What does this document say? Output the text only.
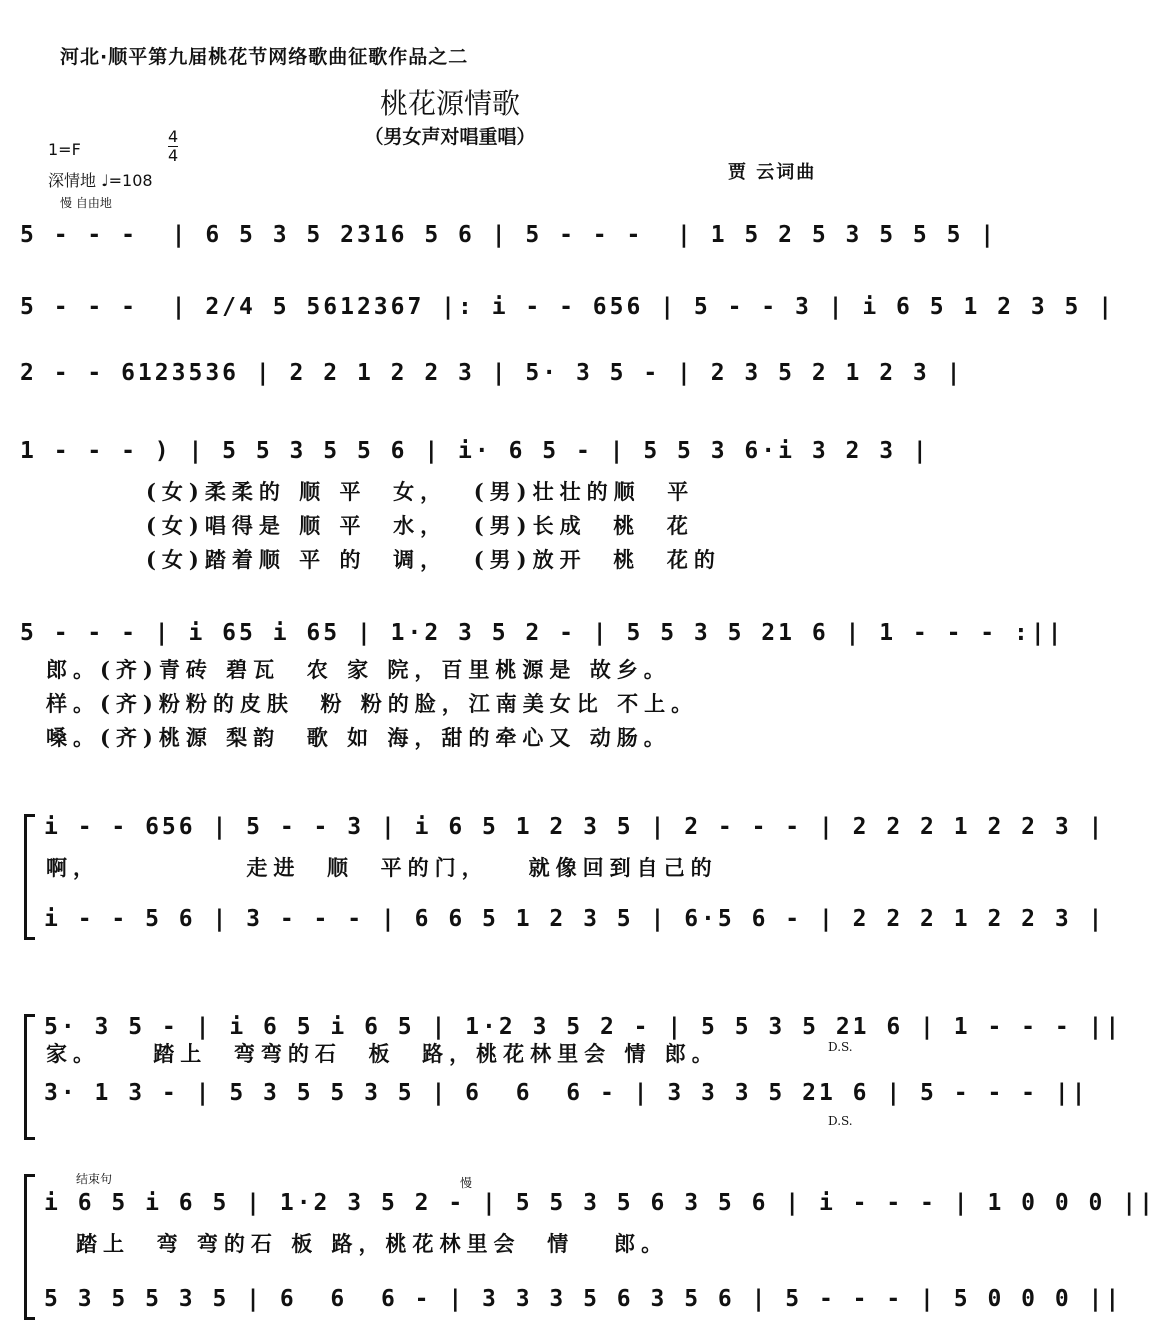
河北·顺平第九届桃花节网络歌曲征歌作品之二
桃花源情歌
（男女声对唱重唱）
1=F
4
4
深情地 ♩=108	贾 云词曲
慢 自由地
5 - - -  | 6 5 3 5 2316 5 6 | 5 - - -  | 1 5 2 5 3 5 5 5 |
5 - - -  | 2/4 5 5612367 |: i - - 656 | 5 - - 3 | i 6 5 1 2 3 5 |
2 - - 6123536 | 2 2 1 2 2 3 | 5· 3 5 - | 2 3 5 2 1 2 3 |
1 - - - ) | 5 5 3 5 5 6 | i· 6 5 - | 5 5 3 6·i 3 2 3 |
(女)柔柔的 顺 平  女，  (男)壮壮的顺  平
(女)唱得是 顺 平  水，  (男)长成  桃  花
(女)踏着顺 平 的  调，  (男)放开  桃  花的
5 - - - | i 65 i 65 | 1·2 3 5 2 - | 5 5 3 5 21 6 | 1 - - - :||
郎。(齐)青砖 碧瓦  农 家 院，百里桃源是 故乡。
样。(齐)粉粉的皮肤  粉 粉的脸，江南美女比 不上。
嗓。(齐)桃源 梨韵  歌 如 海，甜的牵心又 动肠。
i - - 656 | 5 - - 3 | i 6 5 1 2 3 5 | 2 - - - | 2 2 2 1 2 2 3 |
啊，           走进  顺  平的门，   就像回到自己的
i - - 5 6 | 3 - - - | 6 6 5 1 2 3 5 | 6·5 6 - | 2 2 2 1 2 2 3 |
5· 3 5 - | i 6 5 i 6 5 | 1·2 3 5 2 - | 5 5 3 5 21 6 | 1 - - - ||
家。    踏上  弯弯的石  板  路，桃花林里会 情 郎。
3· 1 3 - | 5 3 5 5 3 5 | 6  6  6 - | 3 3 3 5 21 6 | 5 - - - ||
D.S.
D.S.
结束句	慢
i 6 5 i 6 5 | 1·2 3 5 2 - | 5 5 3 5 6 3 5 6 | i - - - | 1 0 0 0 ||
踏上  弯 弯的石 板 路，桃花林里会  情   郎。
5 3 5 5 3 5 | 6  6  6 - | 3 3 3 5 6 3 5 6 | 5 - - - | 5 0 0 0 ||
